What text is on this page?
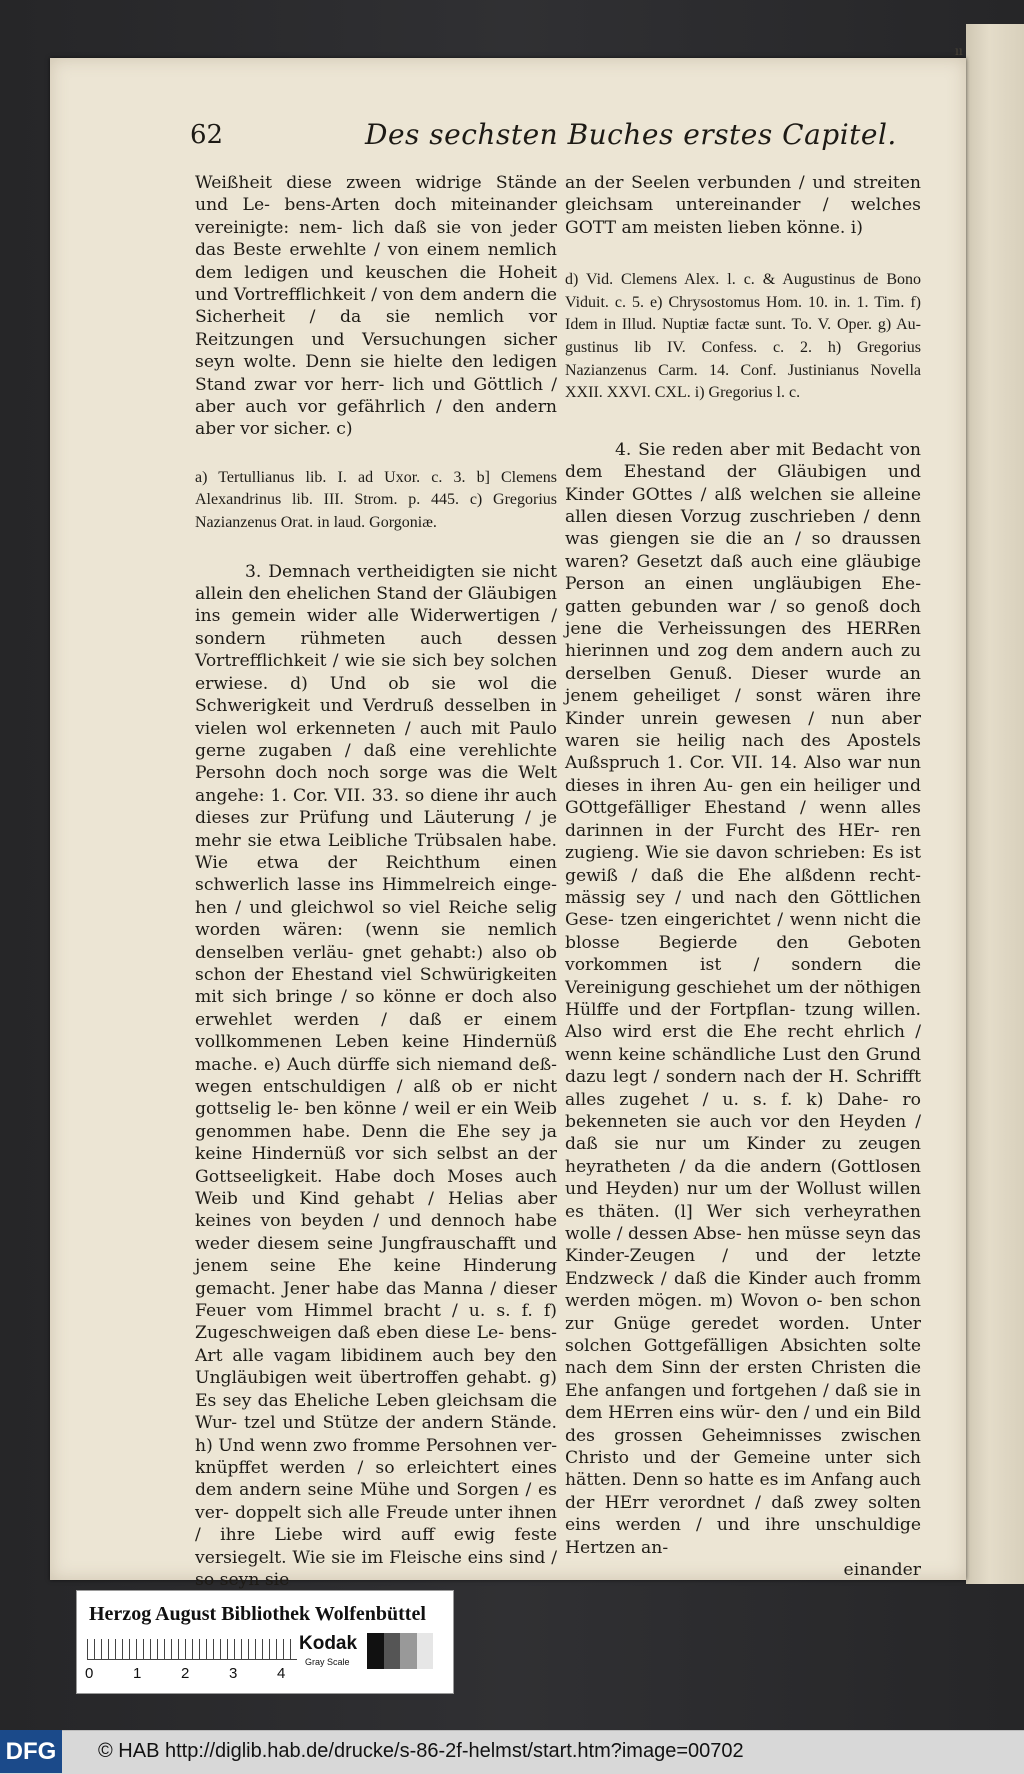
ıı
62	Des sechsten Buches erstes Capitel.

Weißheit diese zween widrige Stände und Le- bens-Arten doch miteinander vereinigte: nem- lich daß sie von jeder das Beste erwehlte / von einem nemlich dem ledigen und keuschen die Hoheit und Vortrefflichkeit / von dem andern die Sicherheit / da sie nemlich vor Reitzungen und Versuchungen sicher seyn wolte. Denn sie hielte den ledigen Stand zwar vor herr- lich und Göttlich / aber auch vor gefährlich / den andern aber vor sicher. c)

a) Tertullianus lib. I. ad Uxor. c. 3. b] Clemens Alexandrinus lib. III. Strom. p. 445. c) Gregorius Nazianzenus Orat. in laud. Gorgoniæ.

3. Demnach vertheidigten sie nicht allein den ehelichen Stand der Gläubigen ins gemein wider alle Widerwertigen / sondern rühmeten auch dessen Vortrefflichkeit / wie sie sich bey solchen erwiese. d) Und ob sie wol die Schwerigkeit und Verdruß desselben in vielen wol erkenneten / auch mit Paulo gerne zugaben / daß eine verehlichte Persohn doch noch sorge was die Welt angehe: 1. Cor. VII. 33. so diene ihr auch dieses zur Prüfung und Läuterung / je mehr sie etwa Leibliche Trübsalen habe. Wie etwa der Reichthum einen schwerlich lasse ins Himmelreich einge- hen / und gleichwol so viel Reiche selig worden wären: (wenn sie nemlich denselben verläu- gnet gehabt:) also ob schon der Ehestand viel Schwürigkeiten mit sich bringe / so könne er doch also erwehlet werden / daß er einem vollkommenen Leben keine Hindernüß mache. e) Auch dürffe sich niemand deß- wegen entschuldigen / alß ob er nicht gottselig le- ben könne / weil er ein Weib genommen habe. Denn die Ehe sey ja keine Hindernüß vor sich selbst an der Gottseeligkeit. Habe doch Moses auch Weib und Kind gehabt / Helias aber keines von beyden / und dennoch habe weder diesem seine Jungfrauschafft und jenem seine Ehe keine Hinderung gemacht. Jener habe das Manna / dieser Feuer vom Himmel bracht / u. s. f. f) Zugeschweigen daß eben diese Le- bens-Art alle vagam libidinem auch bey den Ungläubigen weit übertroffen gehabt. g) Es sey das Eheliche Leben gleichsam die Wur- tzel und Stütze der andern Stände. h) Und wenn zwo fromme Persohnen ver- knüpffet werden / so erleichtert eines dem andern seine Mühe und Sorgen / es ver- doppelt sich alle Freude unter ihnen / ihre Liebe wird auff ewig feste versiegelt. Wie sie im Fleische eins sind / so seyn sie

an der Seelen verbunden / und streiten gleichsam untereinander / welches GOTT am meisten lieben könne. i)

d) Vid. Clemens Alex. l. c. & Augustinus de Bono Viduit. c. 5. e) Chrysostomus Hom. 10. in. 1. Tim. f) Idem in Illud. Nuptiæ factæ sunt. To. V. Oper. g) Au- gustinus lib IV. Confess. c. 2. h) Gregorius Nazianzenus Carm. 14. Conf. Justinianus Novella XXII. XXVI. CXL. i) Gregorius l. c.

4. Sie reden aber mit Bedacht von dem Ehestand der Gläubigen und Kinder GOttes / alß welchen sie alleine allen diesen Vorzug zuschrieben / denn was giengen sie die an / so draussen waren? Gesetzt daß auch eine gläubige Person an einen ungläubigen Ehe- gatten gebunden war / so genoß doch jene die Verheissungen des HERRen hierinnen und zog dem andern auch zu derselben Genuß. Dieser wurde an jenem geheiliget / sonst wären ihre Kinder unrein gewesen / nun aber waren sie heilig nach des Apostels Außspruch 1. Cor. VII. 14. Also war nun dieses in ihren Au- gen ein heiliger und GOttgefälliger Ehestand / wenn alles darinnen in der Furcht des HEr- ren zugieng. Wie sie davon schrieben: Es ist gewiß / daß die Ehe alßdenn recht- mässig sey / und nach den Göttlichen Gese- tzen eingerichtet / wenn nicht die blosse Begierde den Geboten vorkommen ist / sondern die Vereinigung geschiehet um der nöthigen Hülffe und der Fortpflan- tzung willen. Also wird erst die Ehe recht ehrlich / wenn keine schändliche Lust den Grund dazu legt / sondern nach der H. Schrifft alles zugehet / u. s. f. k) Dahe- ro bekenneten sie auch vor den Heyden / daß sie nur um Kinder zu zeugen heyratheten / da die andern (Gottlosen und Heyden) nur um der Wollust willen es thäten. (l] Wer sich verheyrathen wolle / dessen Abse- hen müsse seyn das Kinder-Zeugen / und der letzte Endzweck / daß die Kinder auch fromm werden mögen. m) Wovon o- ben schon zur Gnüge geredet worden. Unter solchen Gottgefälligen Absichten solte nach dem Sinn der ersten Christen die Ehe anfangen und fortgehen / daß sie in dem HErren eins wür- den / und ein Bild des grossen Geheimnisses zwischen Christo und der Gemeine unter sich hätten. Denn so hatte es im Anfang auch der HErr verordnet / daß zwey solten eins werden / und ihre unschuldige Hertzen an-

einander

Herzog August Bibliothek Wolfenbüttel
0	1	2	3	4
Kodak
Gray Scale
DFG © HAB http://diglib.hab.de/drucke/s-86-2f-helmst/start.htm?image=00702
